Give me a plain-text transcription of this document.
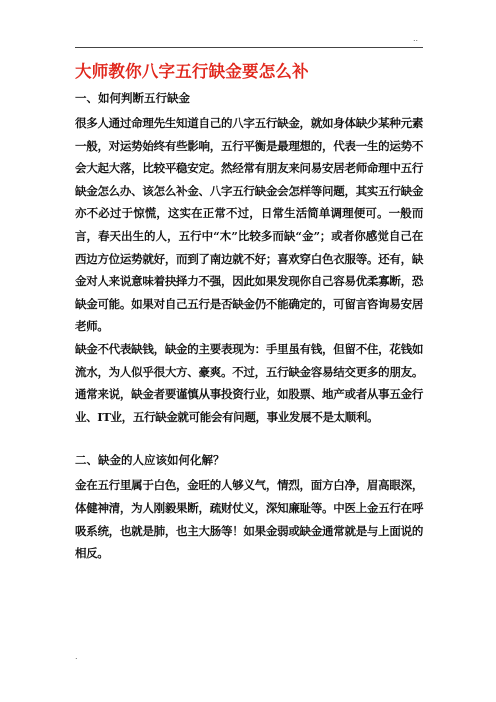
..
大师教你八字五行缺金要怎么补
一、如何判断五行缺金

很多人通过命理先生知道自己的八字五行缺金，就如身体缺少某种元素一般，对运势始终有些影响，五行平衡是最理想的，代表一生的运势不会大起大落，比较平稳安定。然经常有朋友来问易安居老师命理中五行缺金怎么办、该怎么补金、八字五行缺金会怎样等问题，其实五行缺金亦不必过于惊慌，这实在正常不过，日常生活简单调理便可。一般而言，春天出生的人，五行中“木”比较多而缺“金”；或者你感觉自己在西边方位运势就好，而到了南边就不好；喜欢穿白色衣服等。还有，缺金对人来说意味着抉择力不强，因此如果发现你自己容易优柔寡断，恐缺金可能。如果对自己五行是否缺金仍不能确定的，可留言咨询易安居老师。

缺金不代表缺钱，缺金的主要表现为：手里虽有钱，但留不住，花钱如流水，为人似乎很大方、豪爽。不过，五行缺金容易结交更多的朋友。通常来说，缺金者要谨慎从事投资行业，如股票、地产或者从事五金行业、IT业，五行缺金就可能会有问题，事业发展不是太顺利。

二、缺金的人应该如何化解？

金在五行里属于白色，金旺的人够义气，情烈，面方白净，眉高眼深，体健神清，为人刚毅果断，疏财仗义，深知廉耻等。中医上金五行在呼吸系统，也就是肺，也主大肠等！如果金弱或缺金通常就是与上面说的相反。

.
